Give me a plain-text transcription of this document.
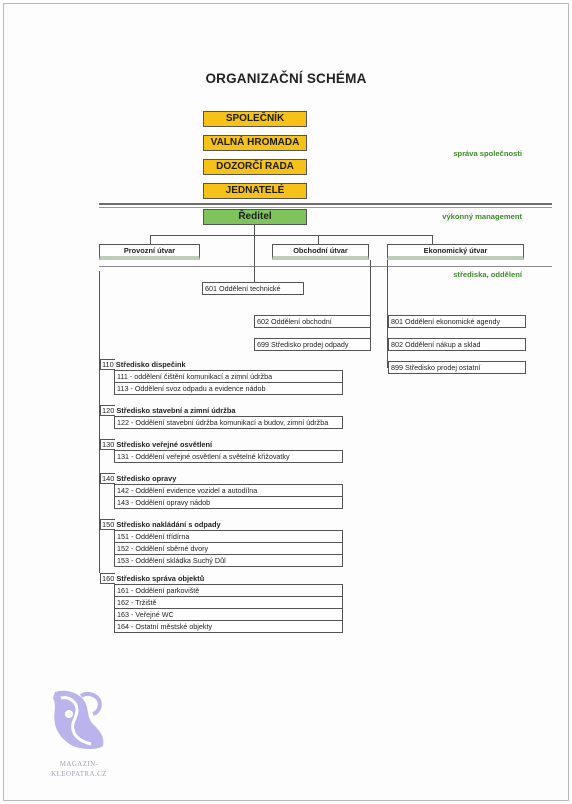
ORGANIZAČNÍ SCHÉMA
SPOLEČNÍK
VALNÁ HROMADA
DOZORČÍ RADA
JEDNATELÉ
správa společnosti
Ředitel	výkonný management
Provozní útvar	Obchodní útvar	Ekonomický útvar
střediska, oddělení
601 Oddělení technické
602 Oddělení obchodní
699 Středisko prodej odpady
801 Oddělení ekonomické agendy
802 Oddělení nákup a sklad
899 Středisko prodej ostatní
110 Středisko dispečink
111 - oddělení čištění komunikací a zimní údržba
113 - Oddělení svoz odpadu a evidence nádob
120 Středisko stavební a zimní údržba
122 - Oddělení stavební údržba komunikací a budov, zimní údržba
130 Středisko veřejné osvětlení
131 - Oddělení veřejné osvětlení a světelné křižovatky
140 Středisko opravy
142 - Oddělení evidence vozidel a autodílna
143 - Oddělení opravy nádob
150 Středisko nakládání s odpady
151 - Oddělení třídírna
152 - Oddělení sběrné dvory
153 - Oddělení skládka Suchý Důl
160 Středisko správa objektů
161 - Oddělení parkoviště
162 - Tržiště
163 - Veřejné WC
164 - Ostatní městské objekty
MAGAZIN-
KLEOPATRA.CZ
